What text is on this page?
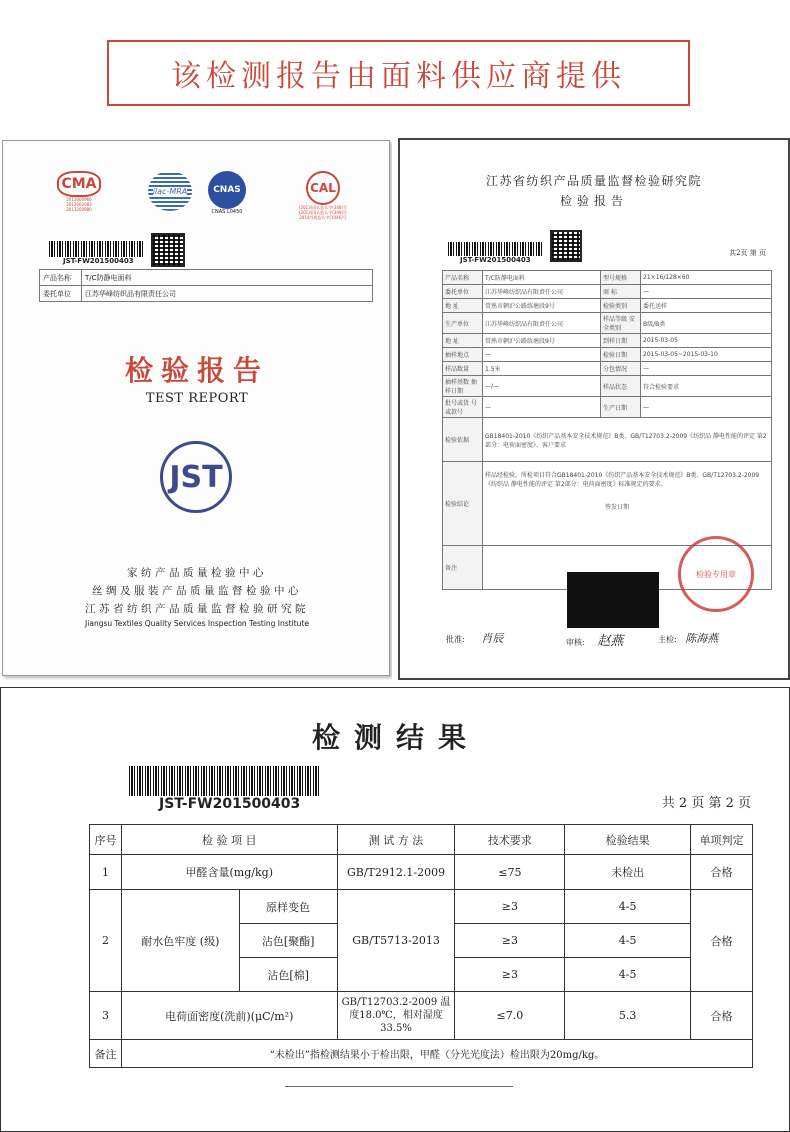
该检测报告由面料供应商提供
CMA
2013000966
2013002083
2013200980
ilac-MRA	CNAS
CNAS L0450
CAL
(2013)国认监认字(348)号
(2013)国认监认字(349)号
2014苏质监认字(1046)号
JST-FW201500403
产品名称	T/C防静电面料
委托单位	江苏华峰纺织品有限责任公司
检验报告
TEST REPORT
JST
家纺产品质量检验中心
丝绸及服装产品质量监督检验中心
江苏省纺织产品质量监督检验研究院
Jiangsu Textiles Quality Services Inspection Testing Institute
江苏省纺织产品质量监督检验研究院
检验报告
JST-FW201500403
共2页 第 页
产品名称	T/C防静电面料	型号规格	21×16/128×60
委托单位	江苏华峰纺织品有限责任公司	商 标	—
地 址	常熟市辋沪公路练塘段9号	检验类别	委托送样
生产单位	江苏华峰纺织品有限责任公司	样品等级 安全类别	B级/B类
地 址	常熟市辋沪公路练塘段9号	到样日期	2015-03-05
抽样地点	—	检验日期	2015-03-05~2015-03-10
样品数量	1.5米	分包情况	—
抽样基数 抽样日期	—/—	样品状态	符合检验要求
批号或货 号或款号	—	生产日期	—
检验依据	GB18401-2010《纺织产品基本安全技术规范》B类、GB/T12703.2-2009《纺织品 静电性能的评定 第2部分：电荷面密度》、客户要求		
检验结论	样品经检验，所检项目符合GB18401-2010《纺织产品基本安全技术规范》B类、GB/T12703.2-2009《纺织品 静电性能的评定 第2部分：电荷面密度》标准规定的要求。
签发日期		

备注			
检验专用章
批准: 肖辰	审核: 赵燕	主检: 陈海燕
检测结果
JST-FW201500403	共 2 页 第 2 页
序号	检 验 项 目		测 试 方 法	技术要求	检验结果	单项判定
1	甲醛含量(mg/kg)		GB/T2912.1-2009	≤75	未检出	合格
2	耐水色牢度 (级)	原样变色	GB/T5713-2013	≥3	4-5	合格
		沾色[聚酯]		≥3	4-5	
		沾色[棉]		≥3	4-5	
3	电荷面密度(洗前)(μC/m²)		GB/T12703.2-2009 温度18.0℃，相对湿度33.5%	≤7.0	5.3	合格
备注	“未检出”指检测结果小于检出限，甲醛（分光光度法）检出限为20mg/kg。					
